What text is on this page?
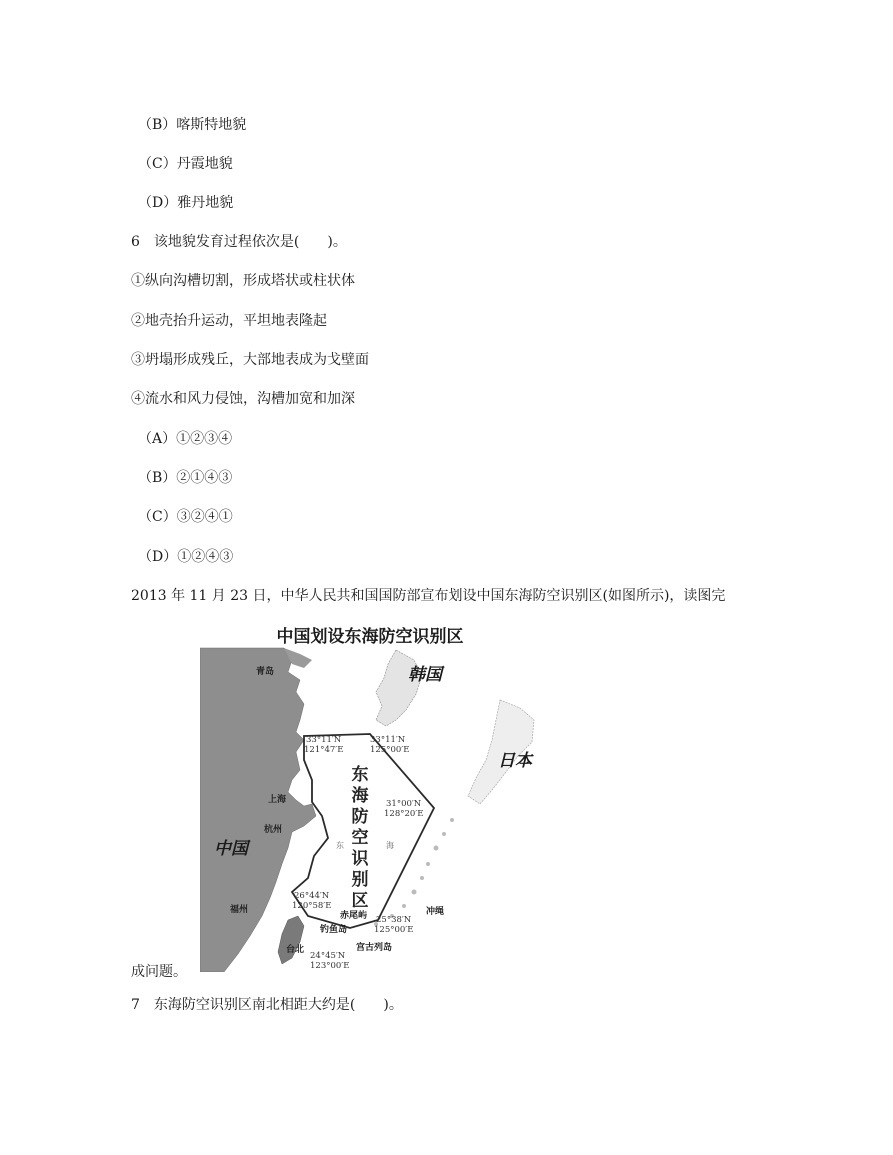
（B）喀斯特地貌
（C）丹霞地貌
（D）雅丹地貌
6　该地貌发育过程依次是(　　)。
①纵向沟槽切割，形成塔状或柱状体
②地壳抬升运动，平坦地表隆起
③坍塌形成残丘，大部地表成为戈壁面
④流水和风力侵蚀，沟槽加宽和加深
（A）①②③④
（B）②①④③
（C）③②④①
（D）①②④③
2013 年 11 月 23 日，中华人民共和国国防部宣布划设中国东海防空识别区(如图所示)，读图完
中国划设东海防空识别区
东
海
防
空
识
别
区
韩国
日本
中国
青岛
上海
杭州
福州
台北
冲绳
赤尾屿
钓鱼岛
宫古列岛
东	海
33°11′N
121°47′E
33°11′N
125°00′E
31°00′N
128°20′E
26°44′N
120°58′E
25°38′N
125°00′E
24°45′N
123°00′E
成问题。
7　东海防空识别区南北相距大约是(　　)。
